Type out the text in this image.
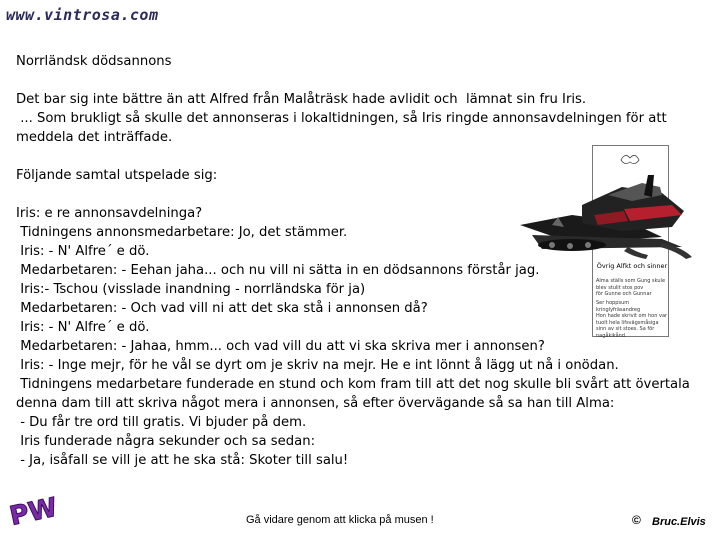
www.vintrosa.com

Norrländsk dödsannons

Det bar sig inte bättre än att Alfred från Malåträsk hade avlidit och  lämnat sin fru Iris.
... Som brukligt så skulle det annonseras i lokaltidningen, så Iris ringde annonsavdelningen för att meddela det inträffade.

Följande samtal utspelade sig:

Iris: e re annonsavdelninga?

Tidningens annonsmedarbetare: Jo, det stämmer.

Iris: - N' Alfre´ e dö.

Medarbetaren: - Eehan jaha... och nu vill ni sätta in en dödsannons förstår jag.

Iris:- Tschou (visslade inandning - norrländska för ja)

Medarbetaren: - Och vad vill ni att det ska stå i annonsen då?

Iris: - N' Alfre´ e dö.

Medarbetaren: - Jahaa, hmm... och vad vill du att vi ska skriva mer i annonsen?

Iris: - Inge mejr, för he vål se dyrt om je skriv na mejr. He e int lönnt å lägg ut nå i onödan.

Tidningens medarbetare funderade en stund och kom fram till att det nog skulle bli svårt att övertala denna dam till att skriva något mera i annonsen, så efter övervägande så sa han till Alma:

- Du får tre ord till gratis. Vi bjuder på dem.

Iris funderade några sekunder och sa sedan:

- Ja, isåfall se vill je att he ska stå: Skoter till salu!

Övrig Alfkt och sinner
Alma ställs som Gung skule
blev stulit stos pov
för Gunne och Gunnar
Ser hoppsum kringlyfräsandreg
Hon hade skrivit om hon var
tuolt hela lifsvägsmåsiga
sinn av sit stoes. Sa för
nagåkikånd.
PW	Gå vidare genom att klicka på musen !	© Bruc.Elvis
